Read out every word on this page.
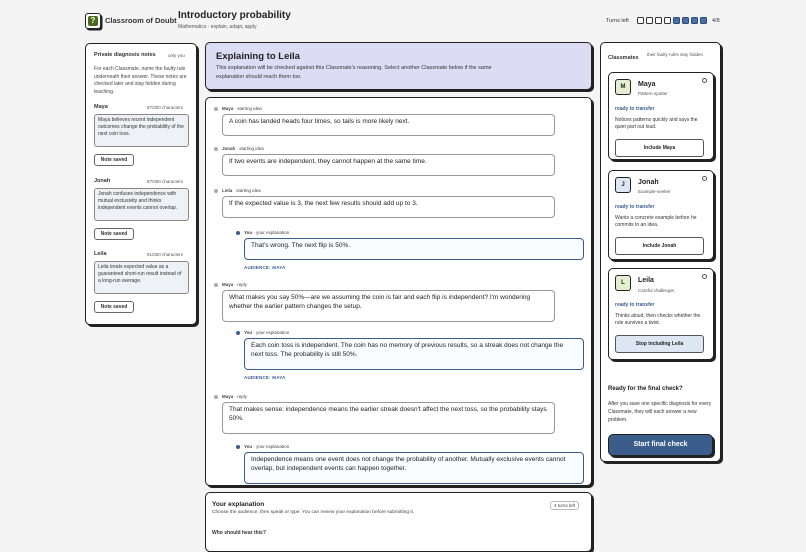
?	Classroom of Doubt Introductory probability
Mathematics · explain, adapt, apply
Turns left	4/8
Private diagnosis notes	only you
For each Classmate, name the faulty rule underneath their answer. These notes are checked later and stay hidden during teaching.
Maya	87/300 characters
Maya believes recent independent outcomes change the probability of the next coin toss.
Note saved
Jonah	87/300 characters
Jonah confuses independence with mutual exclusivity and thinks independent events cannot overlap.
Note saved
Leila	91/300 characters
Leila treats expected value as a guaranteed short-run result instead of a long-run average.
Note saved
Explaining to Leila
This explanation will be checked against this Classmate's reasoning. Select another Classmate below if the same explanation should reach them too.
Maya · starting idea
A coin has landed heads four times, so tails is more likely next.
Jonah · starting idea
If two events are independent, they cannot happen at the same time.
Leila · starting idea
If the expected value is 3, the next few results should add up to 3.
You · your explanation
That's wrong. The next flip is 50%.
AUDIENCE: MAYA
Maya · reply
What makes you say 50%—are we assuming the coin is fair and each flip is independent? I'm wondering whether the earlier pattern changes the setup.
You · your explanation
Each coin toss is independent. The coin has no memory of previous results, so a streak does not change the next toss. The probability is still 50%.
AUDIENCE: MAYA
Maya · reply
That makes sense: independence means the earlier streak doesn't affect the next toss, so the probability stays 50%.
You · your explanation
Independence means one event does not change the probability of another. Mutually exclusive events cannot overlap, but independent events can happen together.
Your explanation
Choose the audience, then speak or type. You can review your explanation before submitting it.
4 turns left
Who should hear this?
Classmates
their faulty rules stay hidden
M	Maya
Pattern-spotter
ready to transfer
Notices patterns quickly and says the quiet part out loud.
Include Maya
J	Jonah
Example-seeker
ready to transfer
Wants a concrete example before he commits to an idea.
Include Jonah
L	Leila
Careful challenger
ready to transfer
Thinks aloud, then checks whether the rule survives a twist.
Stop including Leila
Ready for the final check?
After you save one specific diagnosis for every Classmate, they will each answer a new problem.
Start final check
